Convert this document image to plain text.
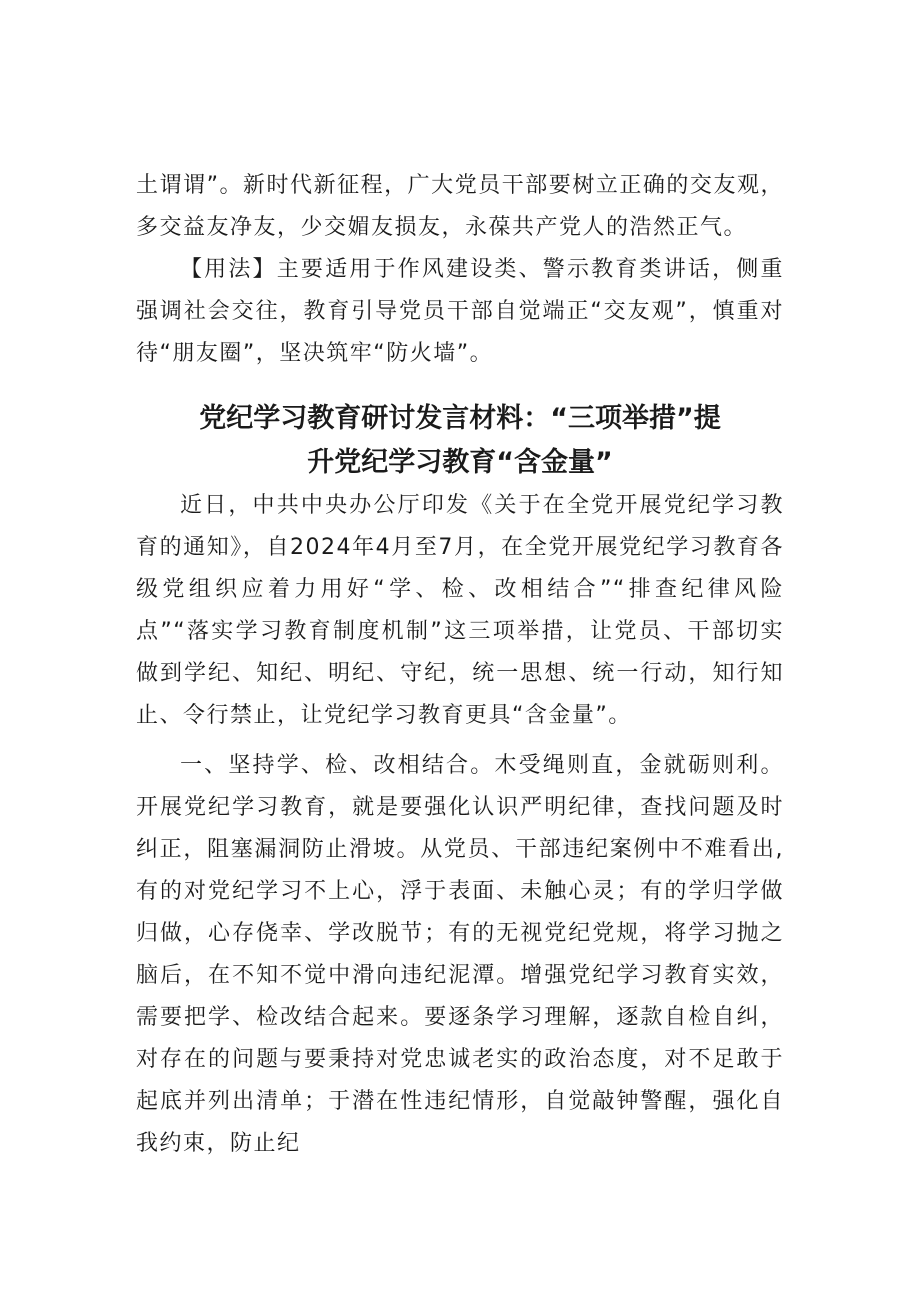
土谓谓”。新时代新征程，广大党员干部要树立正确的交友观，多交益友净友，少交媚友损友，永葆共产党人的浩然正气。

【用法】主要适用于作风建设类、警示教育类讲话，侧重强调社会交往，教育引导党员干部自觉端正“交友观”，慎重对待“朋友圈”，坚决筑牢“防火墙”。

党纪学习教育研讨发言材料：“三项举措”提
升党纪学习教育“含金量”

近日，中共中央办公厅印发《关于在全党开展党纪学习教育的通知》，自2024年4月至7月，在全党开展党纪学习教育各级党组织应着力用好“学、检、改相结合”“排查纪律风险点”“落实学习教育制度机制”这三项举措，让党员、干部切实做到学纪、知纪、明纪、守纪，统一思想、统一行动，知行知止、令行禁止，让党纪学习教育更具“含金量”。

一、坚持学、检、改相结合。木受绳则直，金就砺则利。开展党纪学习教育，就是要强化认识严明纪律，查找问题及时纠正，阻塞漏洞防止滑坡。从党员、干部违纪案例中不难看出,有的对党纪学习不上心，浮于表面、未触心灵；有的学归学做归做，心存侥幸、学改脱节；有的无视党纪党规，将学习抛之脑后，在不知不觉中滑向违纪泥潭。增强党纪学习教育实效，需要把学、检改结合起来。要逐条学习理解，逐款自检自纠，对存在的问题与要秉持对党忠诚老实的政治态度，对不足敢于起底并列出清单；于潜在性违纪情形，自觉敲钟警醒，强化自我约束，防止纪
